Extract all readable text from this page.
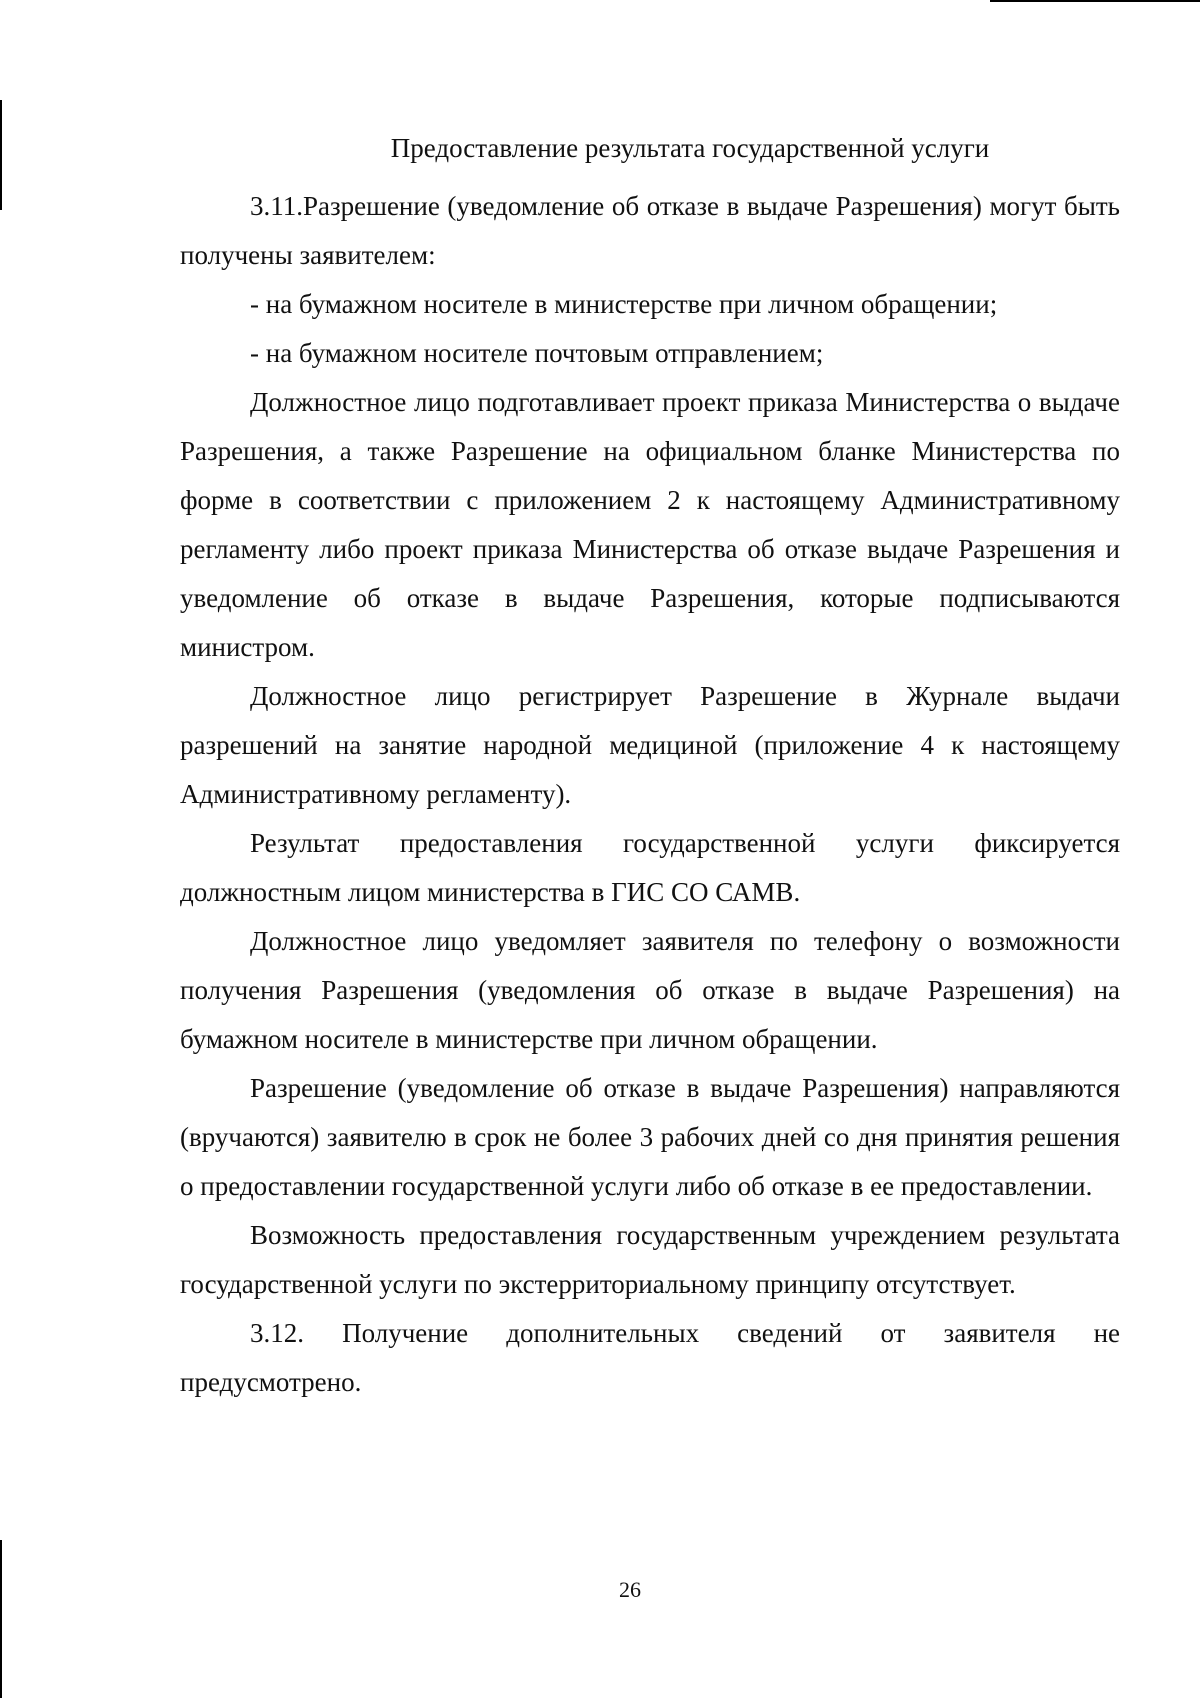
Предоставление результата государственной услуги

3.11.Разрешение (уведомление об отказе в выдаче Разрешения) могут быть получены заявителем:

- на бумажном носителе в министерстве при личном обращении;

- на бумажном носителе почтовым отправлением;

Должностное лицо подготавливает проект приказа Министерства о выдаче Разрешения, а также Разрешение на официальном бланке Министерства по форме в соответствии с приложением 2 к настоящему Административному регламенту либо проект приказа Министерства об отказе выдаче Разрешения и уведомление об отказе в выдаче Разрешения, которые подписываются министром.

Должностное лицо регистрирует Разрешение в Журнале выдачи разрешений на занятие народной медициной (приложение 4 к настоящему Административному регламенту).

Результат предоставления государственной услуги фиксируется должностным лицом министерства в ГИС СО САМВ.

Должностное лицо уведомляет заявителя по телефону о возможности получения Разрешения (уведомления об отказе в выдаче Разрешения) на бумажном носителе в министерстве при личном обращении.

Разрешение (уведомление об отказе в выдаче Разрешения) направляются (вручаются) заявителю в срок не более 3 рабочих дней со дня принятия решения о предоставлении государственной услуги либо об отказе в ее предоставлении.

Возможность предоставления государственным учреждением результата государственной услуги по экстерриториальному принципу отсутствует.

3.12. Получение дополнительных сведений от заявителя не предусмотрено.

26
